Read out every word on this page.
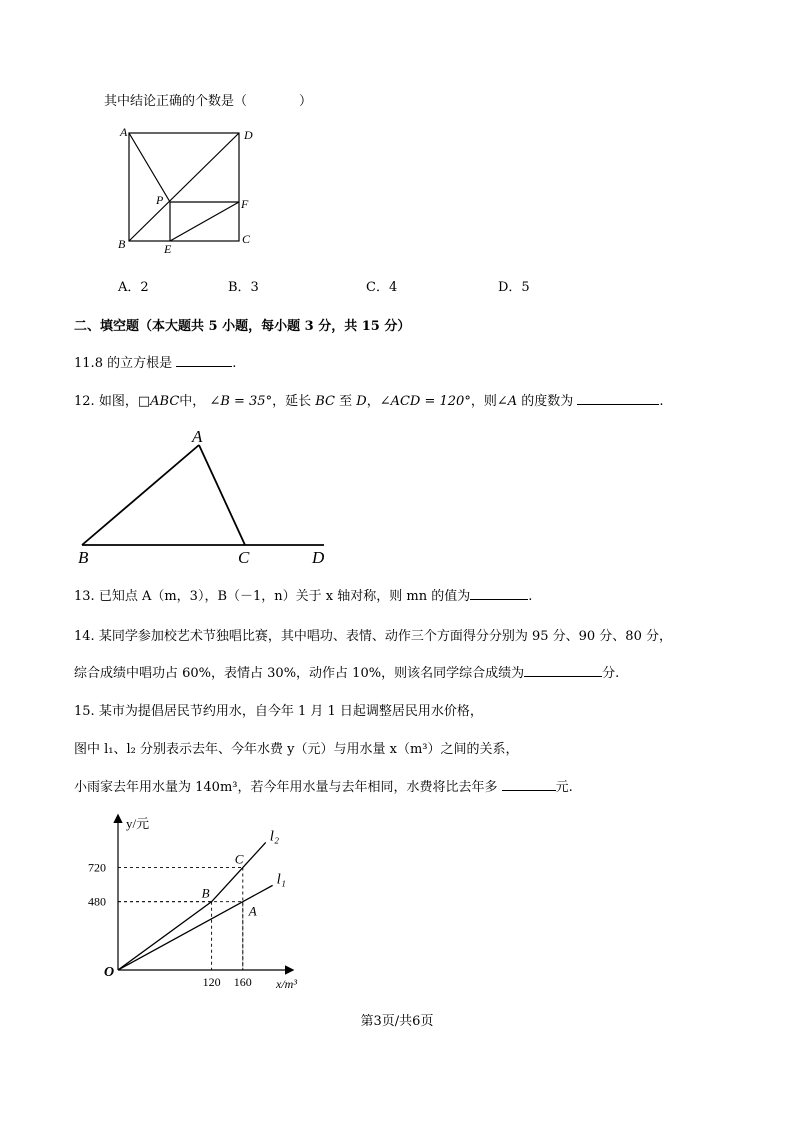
其中结论正确的个数是（　　　　）
A	D
B	C
P
E
F
A．2	B．3	C．4	D．5
二、填空题（本大题共 5 小题，每小题 3 分，共 15 分）
11.8 的立方根是	.
12. 如图，□ABC中， ∠B = 35°，延长 BC 至 D，∠ACD = 120°，则∠A 的度数为	.
A
B	C	D
13. 已知点 A（m，3），B（－1，n）关于 x 轴对称，则 mn 的值为	.
14. 某同学参加校艺术节独唱比赛，其中唱功、表情、动作三个方面得分分别为 95 分、90 分、80 分，
综合成绩中唱功占 60%，表情占 30%，动作占 10%，则该名同学综合成绩为	分.
15. 某市为提倡居民节约用水，自今年 1 月 1 日起调整居民用水价格，
图中 l₁、l₂ 分别表示去年、今年水费 y（元）与用水量 x（m³）之间的关系，
小雨家去年用水量为 140m³，若今年用水量与去年相同，水费将比去年多	元.
l₂
l₁
y/元
x/m³
O
480
720
120 160
A
B
C
第3页/共6页
